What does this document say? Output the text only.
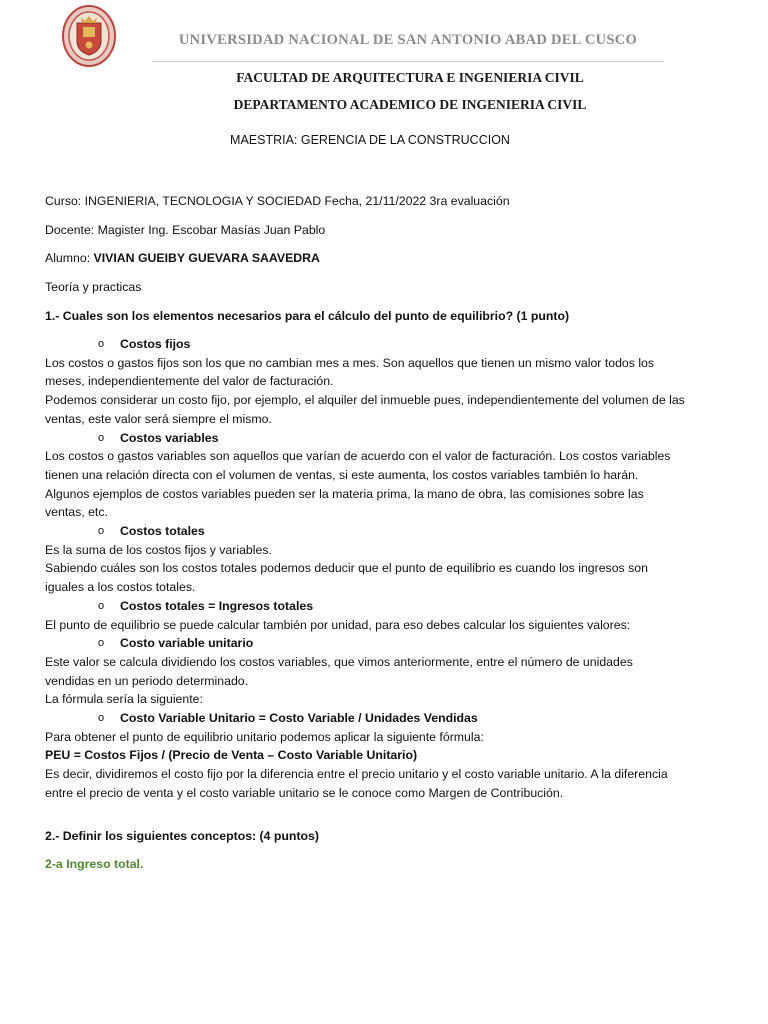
UNIVERSIDAD NACIONAL DE SAN ANTONIO ABAD DEL CUSCO
FACULTAD DE ARQUITECTURA E INGENIERIA CIVIL
DEPARTAMENTO ACADEMICO DE INGENIERIA CIVIL
MAESTRIA: GERENCIA DE LA CONSTRUCCION

Curso: INGENIERIA, TECNOLOGIA Y SOCIEDAD Fecha, 21/11/2022 3ra evaluación

Docente: Magister Ing. Escobar Masías Juan Pablo

Alumno: VIVIAN GUEIBY GUEVARA SAAVEDRA

Teoría y practicas

1.- Cuales son los elementos necesarios para el cálculo del punto de equilibrio? (1 punto)

o Costos fijos

Los costos o gastos fijos son los que no cambian mes a mes. Son aquellos que tienen un mismo valor todos los meses, independientemente del valor de facturación.

Podemos considerar un costo fijo, por ejemplo, el alquiler del inmueble pues, independientemente del volumen de las ventas, este valor será siempre el mismo.

o Costos variables

Los costos o gastos variables son aquellos que varían de acuerdo con el valor de facturación. Los costos variables tienen una relación directa con el volumen de ventas, si este aumenta, los costos variables también lo harán.

Algunos ejemplos de costos variables pueden ser la materia prima, la mano de obra, las comisiones sobre las ventas, etc.

o Costos totales

Es la suma de los costos fijos y variables.

Sabiendo cuáles son los costos totales podemos deducir que el punto de equilibrio es cuando los ingresos son iguales a los costos totales.

o Costos totales = Ingresos totales

El punto de equilibrio se puede calcular también por unidad, para eso debes calcular los siguientes valores:

o Costo variable unitario

Este valor se calcula dividiendo los costos variables, que vimos anteriormente, entre el número de unidades vendidas en un periodo determinado.

La fórmula sería la siguiente:

o Costo Variable Unitario = Costo Variable / Unidades Vendidas

Para obtener el punto de equilibrio unitario podemos aplicar la siguiente fórmula:

PEU = Costos Fijos / (Precio de Venta – Costo Variable Unitario)

Es decir, dividiremos el costo fijo por la diferencia entre el precio unitario y el costo variable unitario. A la diferencia entre el precio de venta y el costo variable unitario se le conoce como Margen de Contribución.

2.- Definir los siguientes conceptos: (4 puntos)

2-a Ingreso total.
